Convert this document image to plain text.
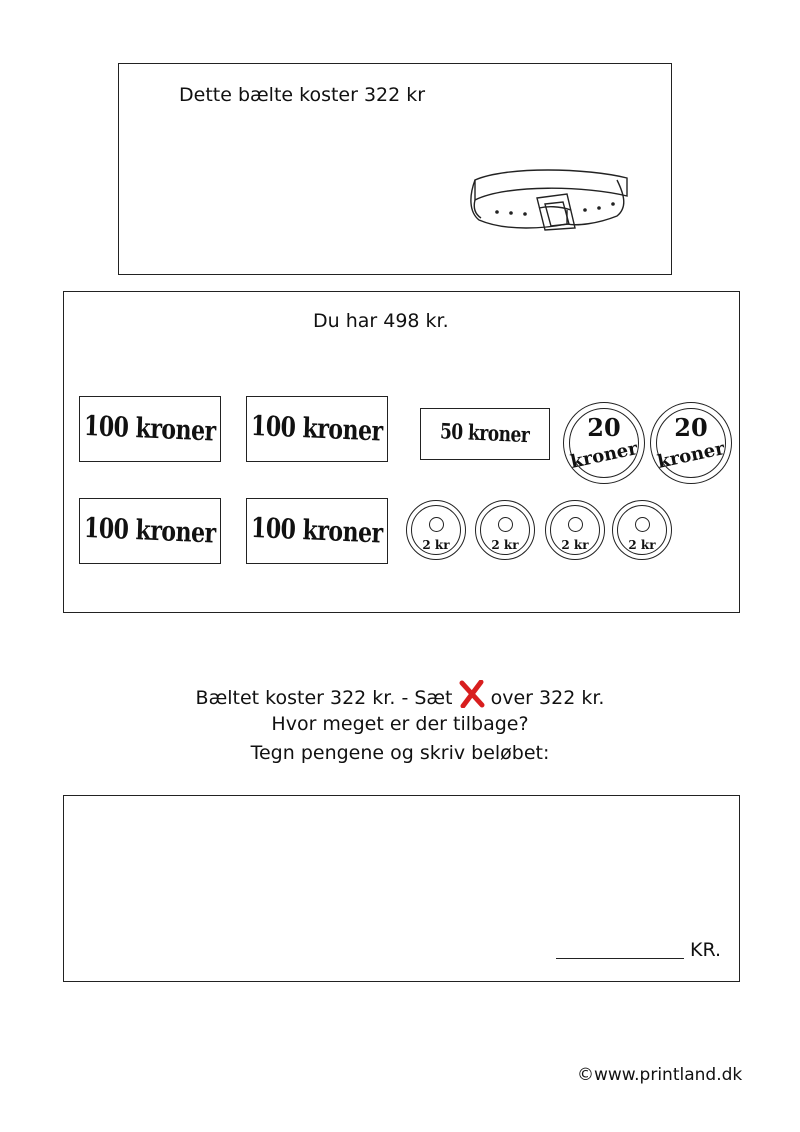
Dette bælte koster 322 kr
Du har 498 kr.
100 kroner 100 kroner
100 kroner 100 kroner
50 kroner	20
kroner
20
kroner
2 kr	2 kr	2 kr	2 kr
Bæltet koster 322 kr. - Sæt over 322 kr.
Hvor meget er der tilbage?
Tegn pengene og skriv beløbet:
KR.
©www.printland.dk
